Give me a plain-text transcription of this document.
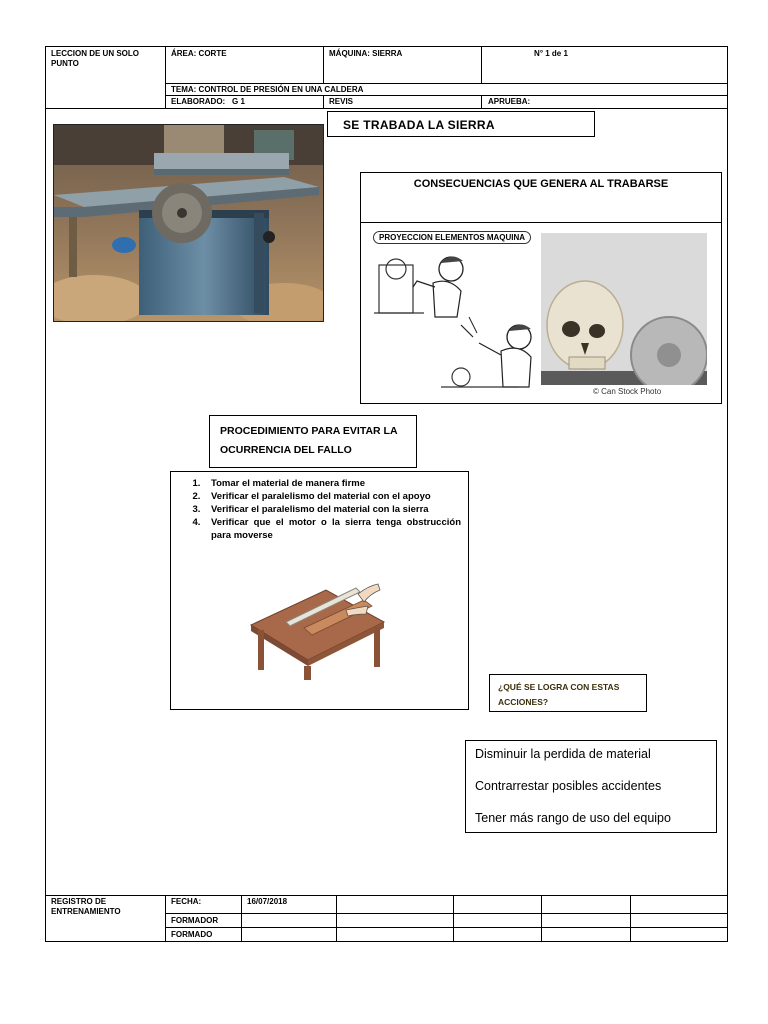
LECCION DE UN SOLO PUNTO
ÁREA: CORTE	MÁQUINA: SIERRA	N° 1 de 1
TEMA: CONTROL DE PRESIÓN EN UNA CALDERA
ELABORADO: G 1	REVIS	APRUEBA:
SE TRABADA LA SIERRA
CONSECUENCIAS QUE GENERA AL TRABARSE
PROYECCION ELEMENTOS MAQUINA
© Can Stock Photo
PROCEDIMIENTO PARA EVITAR LA OCURRENCIA DEL FALLO
1. Tomar el material de manera firme
2. Verificar el paralelismo del material con el apoyo
3. Verificar el paralelismo del material con la sierra
4. Verificar que el motor o la sierra tenga obstrucción para moverse
¿QUÉ SE LOGRA CON ESTAS ACCIONES?

Disminuir la perdida de material

Contrarrestar posibles accidentes

Tener más rango de uso del equipo

REGISTRO DE ENTRENAMIENTO
FECHA:	16/07/2018
FORMADOR
FORMADO
